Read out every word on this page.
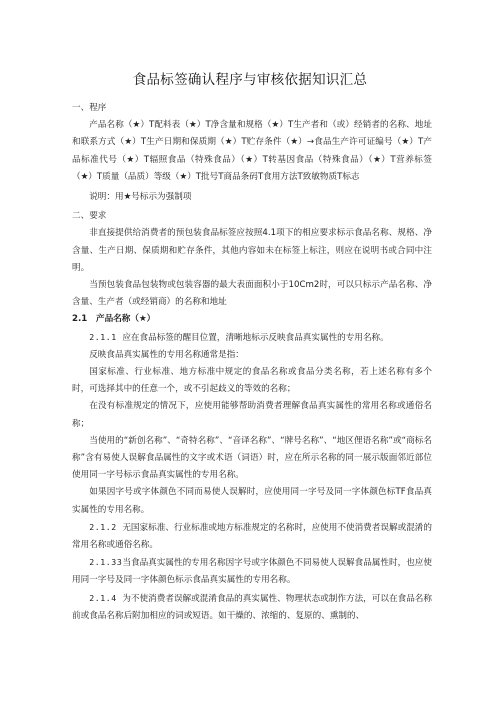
食品标签确认程序与审核依据知识汇总

一、程序

产品名称（★）T配料表（★）T净含量和规格（★）T生产者和（或）经销者的名称、地址和联系方式（★）T生产日期和保质期（★）T贮存条件（★）→食品生产许可证编号（★）T产品标准代号（★）T辐照食品（特殊食品）（★）T转基因食品（特殊食品）（★）T营养标签（★）T质量（品质）等级（★）T批号T商品条码T食用方法T致敏物质T标志

说明：用★号标示为强制项

二、要求

非直接提供给消费者的预包装食品标签应按照4.1项下的相应要求标示食品名称、规格、净含量、生产日期、保质期和贮存条件，其他内容如未在标签上标注，则应在说明书或合同中注明。

当预包装食品包装物或包装容器的最大表面面积小于10Cm2时，可以只标示产品名称、净含量、生产者（或经销商）的名称和地址

2.1 产品名称（★）

2.1.1 应在食品标签的醒目位置，清晰地标示反映食品真实属性的专用名称。

反映食品真实属性的专用名称通常是指：

国家标准、行业标准、地方标准中规定的食品名称或食品分类名称，若上述名称有多个时，可选择其中的任意一个，或不引起歧义的等效的名称；

在没有标准规定的情况下，应使用能够帮助消费者理解食品真实属性的常用名称或通俗名称；

当使用的“新创名称”、“奇特名称”、“音译名称”、“牌号名称”、“地区俚语名称”或“商标名称”含有易使人误解食品属性的文字或术语（词语）时，应在所示名称的同一展示版面邻近部位使用同一字号标示食品真实属性的专用名称。

如果因字号或字体颜色不同而易使人误解时，应使用同一字号及同一字体颜色标TF食品真实属性的专用名称。

2.1.2 无国家标准、行业标准或地方标准规定的名称时，应使用不使消费者误解或混淆的常用名称或通俗名称。

2.1.33当食品真实属性的专用名称因字号或字体颜色不同易使人误解食品属性时，也应使用同一字号及同一字体颜色标示食品真实属性的专用名称。

2.1.4 为不使消费者误解或混淆食品的真实属性、物理状态或制作方法，可以在食品名称前或食品名称后附加相应的词或短语。如干燥的、浓缩的、复原的、熏制的、
